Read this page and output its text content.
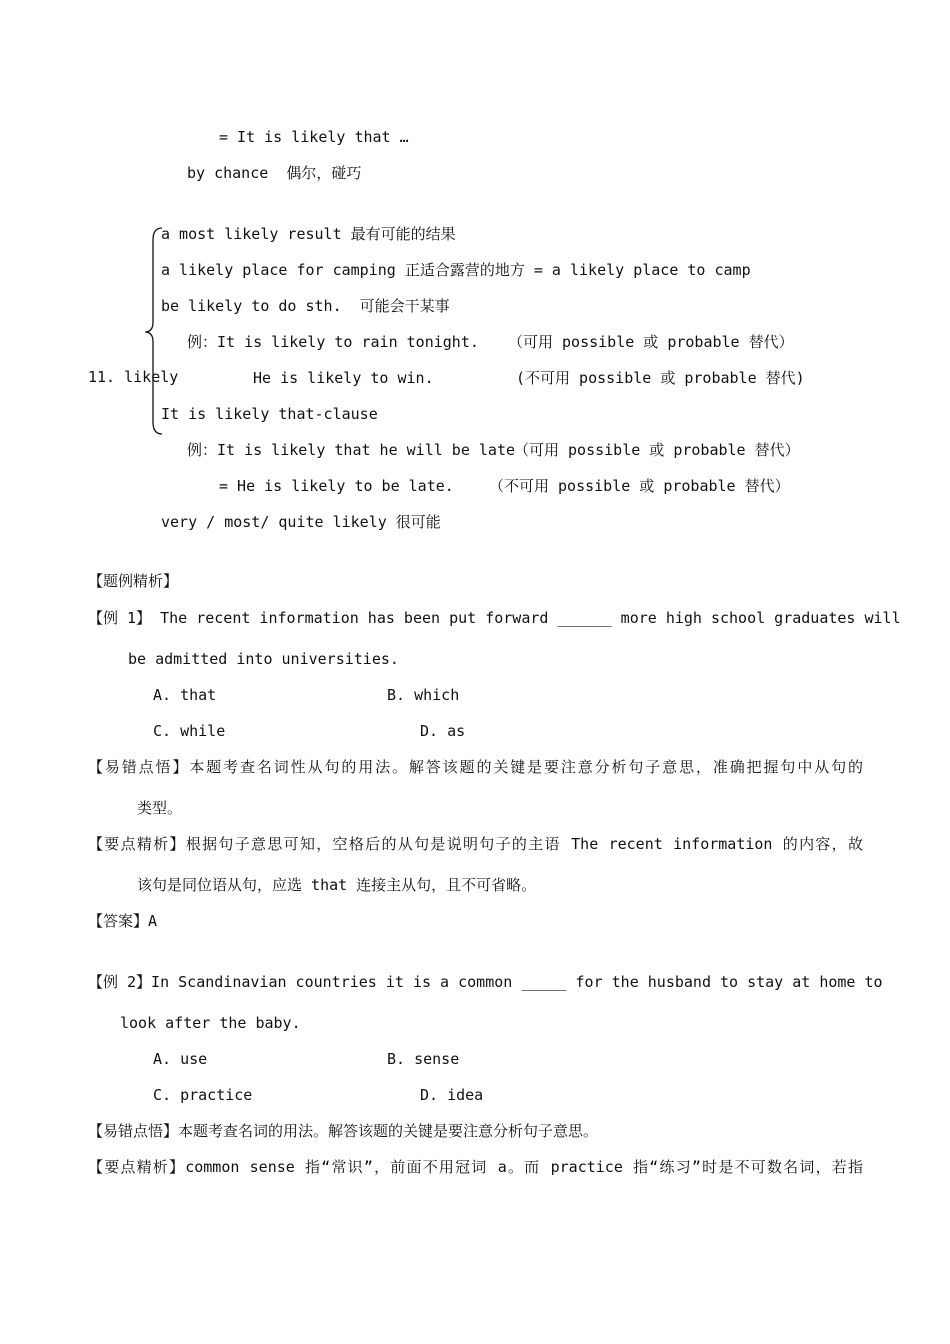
= It is likely that …
by chance  偶尔，碰巧
11. likely
a most likely result 最有可能的结果
a likely place for camping 正适合露营的地方 = a likely place to camp
be likely to do sth.  可能会干某事
例：It is likely to rain tonight. （可用 possible 或 probable 替代）
He is likely to win.	(不可用 possible 或 probable 替代)
It is likely that-clause
例：It is likely that he will be late
（可用 possible 或 probable 替代）
= He is likely to be late. （不可用 possible 或 probable 替代）
very / most/ quite likely 很可能
【题例精析】
【例 1】 The recent information has been put forward ______ more high school graduates will
be admitted into universities.
A. that	B. which
C. while	D. as
【易错点悟】本题考查名词性从句的用法。解答该题的关键是要注意分析句子意思，准确把握句中从句的
类型。
【要点精析】根据句子意思可知，空格后的从句是说明句子的主语 The recent information 的内容，故
该句是同位语从句，应选 that 连接主从句，且不可省略。
【答案】A
【例 2】In Scandinavian countries it is a common _____ for the husband to stay at home to
look after the baby.
A. use	B. sense
C. practice	D. idea
【易错点悟】本题考查名词的用法。解答该题的关键是要注意分析句子意思。
【要点精析】common sense 指“常识”，前面不用冠词 a。而 practice 指“练习”时是不可数名词，若指
